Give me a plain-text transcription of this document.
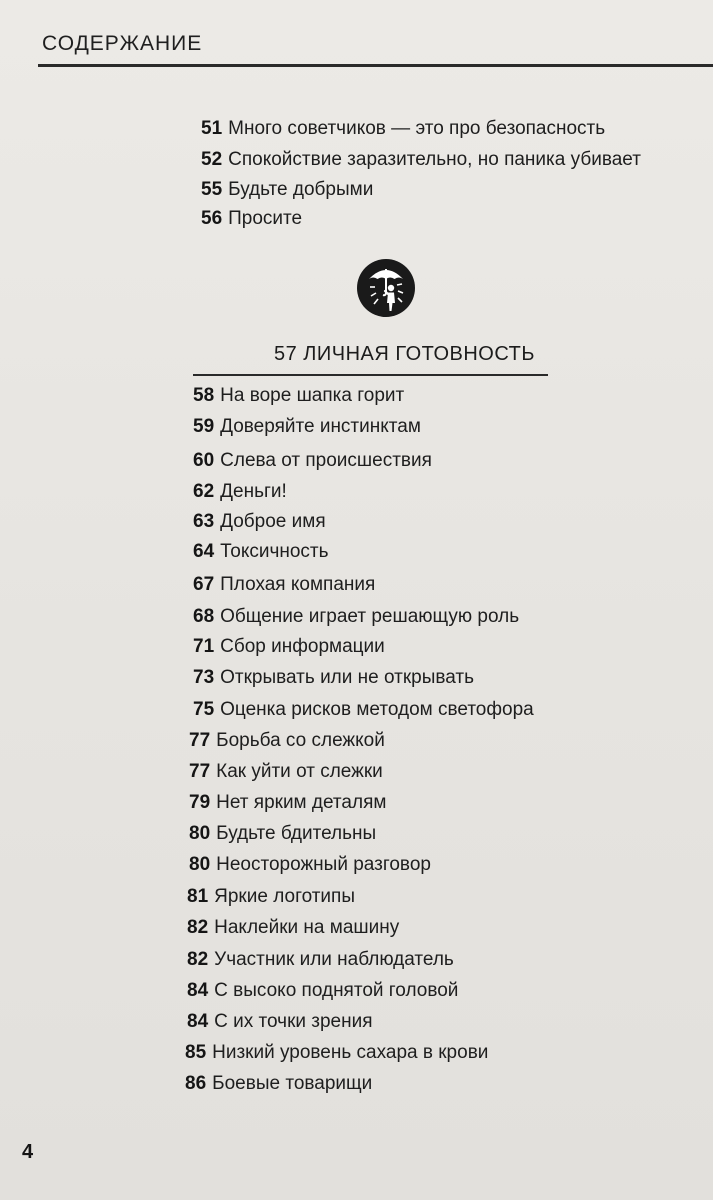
СОДЕРЖАНИЕ
51 Много советчиков — это про безопасность
52 Спокойствие заразительно, но паника убивает
55 Будьте добрыми
56 Просите
57 ЛИЧНАЯ ГОТОВНОСТЬ
58 На воре шапка горит
59 Доверяйте инстинктам
60 Слева от происшествия
62 Деньги!
63 Доброе имя
64 Токсичность
67 Плохая компания
68 Общение играет решающую роль
71 Сбор информации
73 Открывать или не открывать
75 Оценка рисков методом светофора
77 Борьба со слежкой
77 Как уйти от слежки
79 Нет ярким деталям
80 Будьте бдительны
80 Неосторожный разговор
81 Яркие логотипы
82 Наклейки на машину
82 Участник или наблюдатель
84 С высоко поднятой головой
84 С их точки зрения
85 Низкий уровень сахара в крови
86 Боевые товарищи
4
